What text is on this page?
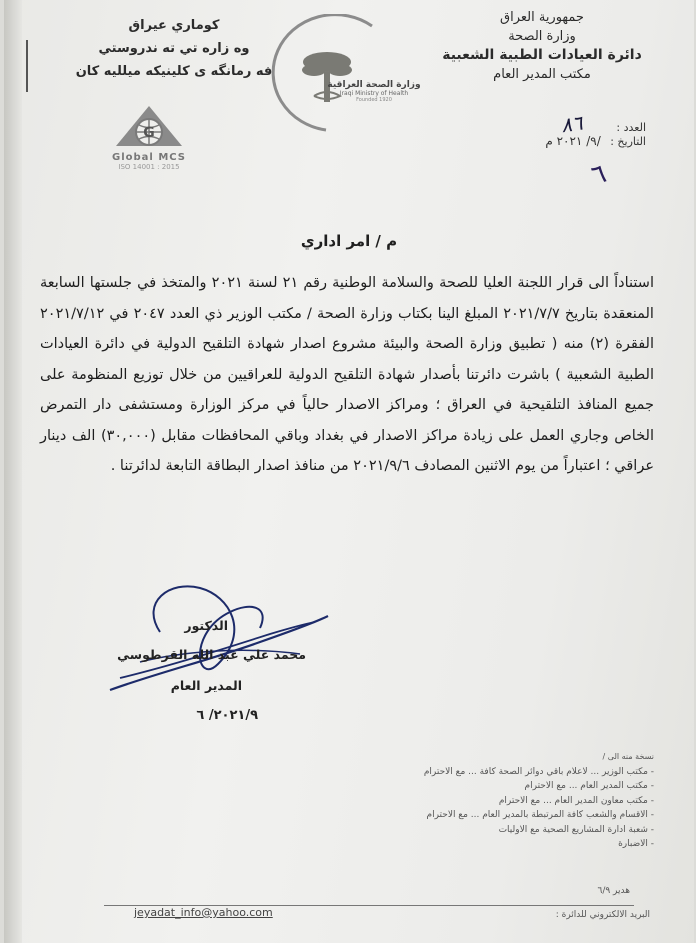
جمهورية العراق
وزارة الصحة
دائرة العيادات الطبية الشعبية
مكتب المدير العام
كوماري عيراق
وه زاره تي ته ندروستي
فه رمانگه ی كلينيكه ميللیه كان
G
Global MCS
ISO 14001 : 2015
وزارة الصحة العراقية
Iraqi Ministry of Health
Founded 1920
العدد : ٨٦
التاريخ : /٩/ ٢٠٢١ م
٦
م / امر اداري
استناداً الى قرار اللجنة العليا للصحة والسلامة الوطنية رقم ٢١ لسنة ٢٠٢١ والمتخذ في جلستها السابعة المنعقدة بتاريخ ٢٠٢١/٧/٧ المبلغ الينا بكتاب وزارة الصحة / مكتب الوزير ذي العدد ٢٠٤٧ في ٢٠٢١/٧/١٢ الفقرة (٢) منه ( تطبيق وزارة الصحة والبيئة مشروع اصدار شهادة التلقيح الدولية في دائرة العيادات الطبية الشعبية ) باشرت دائرتنا بأصدار شهادة التلقيح الدولية للعراقيين من خلال توزيع المنظومة على جميع المنافذ التلقيحية في العراق ؛ ومراكز الاصدار حالياً في مركز الوزارة ومستشفى دار التمرض الخاص وجاري العمل على زيادة مراكز الاصدار في بغداد وباقي المحافظات مقابل (٣٠,٠٠٠) الف دينار عراقي ؛ اعتباراً من يوم الاثنين المصادف ٢٠٢١/٩/٦ من منافذ اصدار البطاقة التابعة لدائرتنا .
الدكتور
محمد علي عبد الله القرطوسي
المدير العام
٢٠٢١/٩/ ٦
نسخة منه الى /
- مكتب الوزير ... لاعلام باقي دوائر الصحة كافة ... مع الاحترام
- مكتب المدير العام ... مع الاحترام
- مكتب معاون المدير العام ... مع الاحترام
- الاقسام والشعب كافة المرتبطة بالمدير العام ... مع الاحترام
- شعبة ادارة المشاريع الصحية مع الاوليات
- الاضبارة
هدير ٦/٩
jeyadat_info@yahoo.com	البريد الالكتروني للدائرة :
